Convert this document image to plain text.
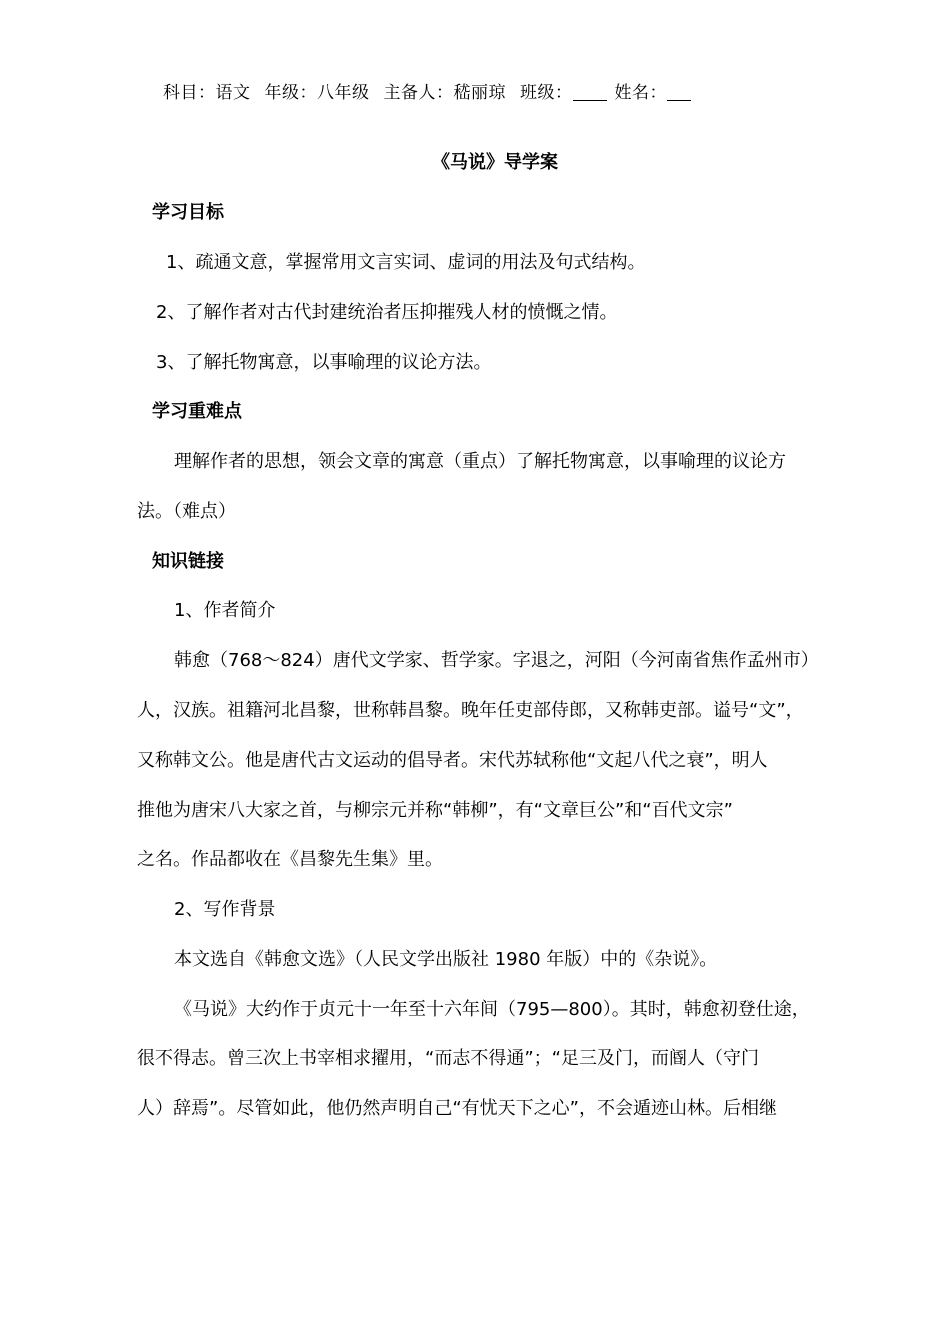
科目：语文 年级：八年级 主备人：嵇丽琼 班级： 姓名：
《马说》导学案
学习目标
1、疏通文意，掌握常用文言实词、虚词的用法及句式结构。
2、了解作者对古代封建统治者压抑摧残人材的愤慨之情。
3、了解托物寓意，以事喻理的议论方法。
学习重难点
理解作者的思想，领会文章的寓意（重点）了解托物寓意，以事喻理的议论方
法。（难点）
知识链接
1、作者简介
韩愈（768～824）唐代文学家、哲学家。字退之，河阳（今河南省焦作孟州市）
人，汉族。祖籍河北昌黎，世称韩昌黎。晚年任吏部侍郎，又称韩吏部。谥号“文”，
又称韩文公。他是唐代古文运动的倡导者。宋代苏轼称他“文起八代之衰”，明人
推他为唐宋八大家之首，与柳宗元并称“韩柳”，有“文章巨公”和“百代文宗”
之名。作品都收在《昌黎先生集》里。
2、写作背景
本文选自《韩愈文选》（人民文学出版社 1980 年版）中的《杂说》。
《马说》大约作于贞元十一年至十六年间（795—800）。其时，韩愈初登仕途，
很不得志。曾三次上书宰相求擢用，“而志不得通”；“足三及门，而阍人（守门
人）辞焉”。尽管如此，他仍然声明自己“有忧天下之心”，不会遁迹山林。后相继
